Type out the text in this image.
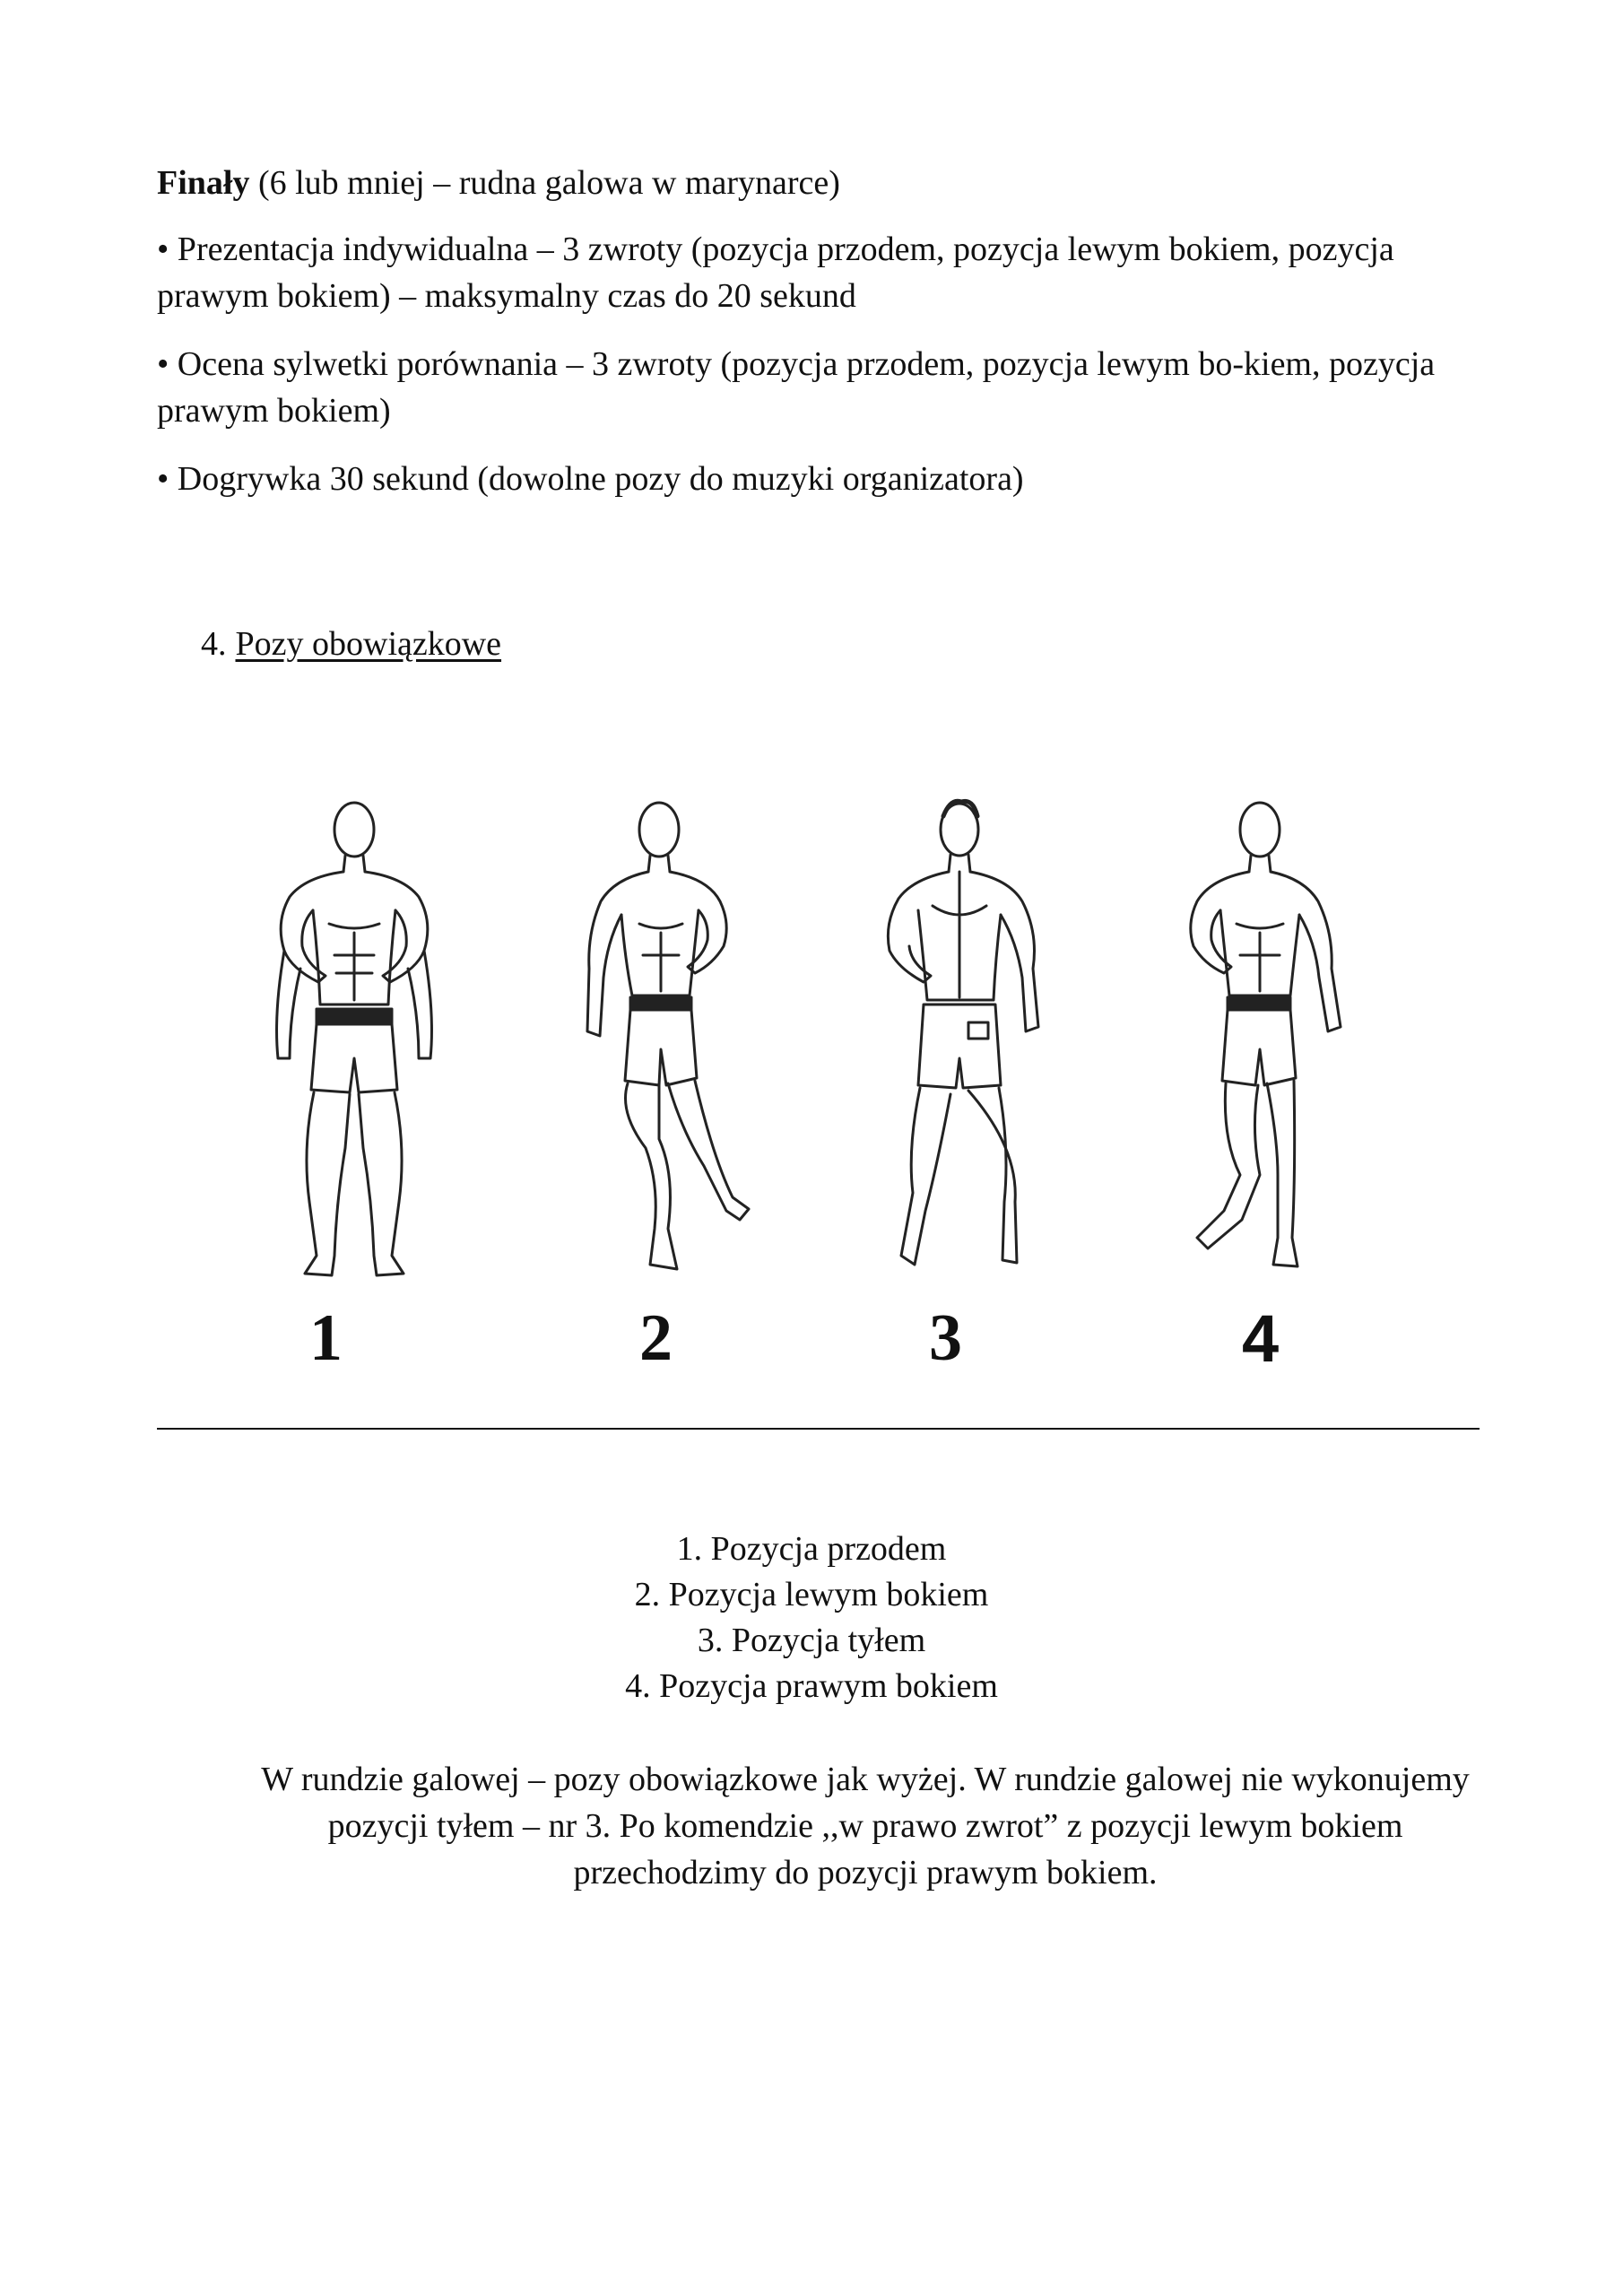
Finały (6 lub mniej – rudna galowa w marynarce)

• Prezentacja indywidualna – 3 zwroty (pozycja przodem, pozycja lewym bokiem, pozycja prawym bokiem) – maksymalny czas do 20 sekund

• Ocena sylwetki porównania – 3 zwroty (pozycja przodem, pozycja lewym bo-kiem, pozycja prawym bokiem)

• Dogrywka 30 sekund (dowolne pozy do muzyki organizatora)

4. Pozy obowiązkowe
1	2	3	4
1. Pozycja przodem
2. Pozycja lewym bokiem
3. Pozycja tyłem
4. Pozycja prawym bokiem

W rundzie galowej – pozy obowiązkowe jak wyżej. W rundzie galowej nie wykonujemy pozycji tyłem – nr 3. Po komendzie ,,w prawo zwrot” z pozycji lewym bokiem przechodzimy do pozycji prawym bokiem.
